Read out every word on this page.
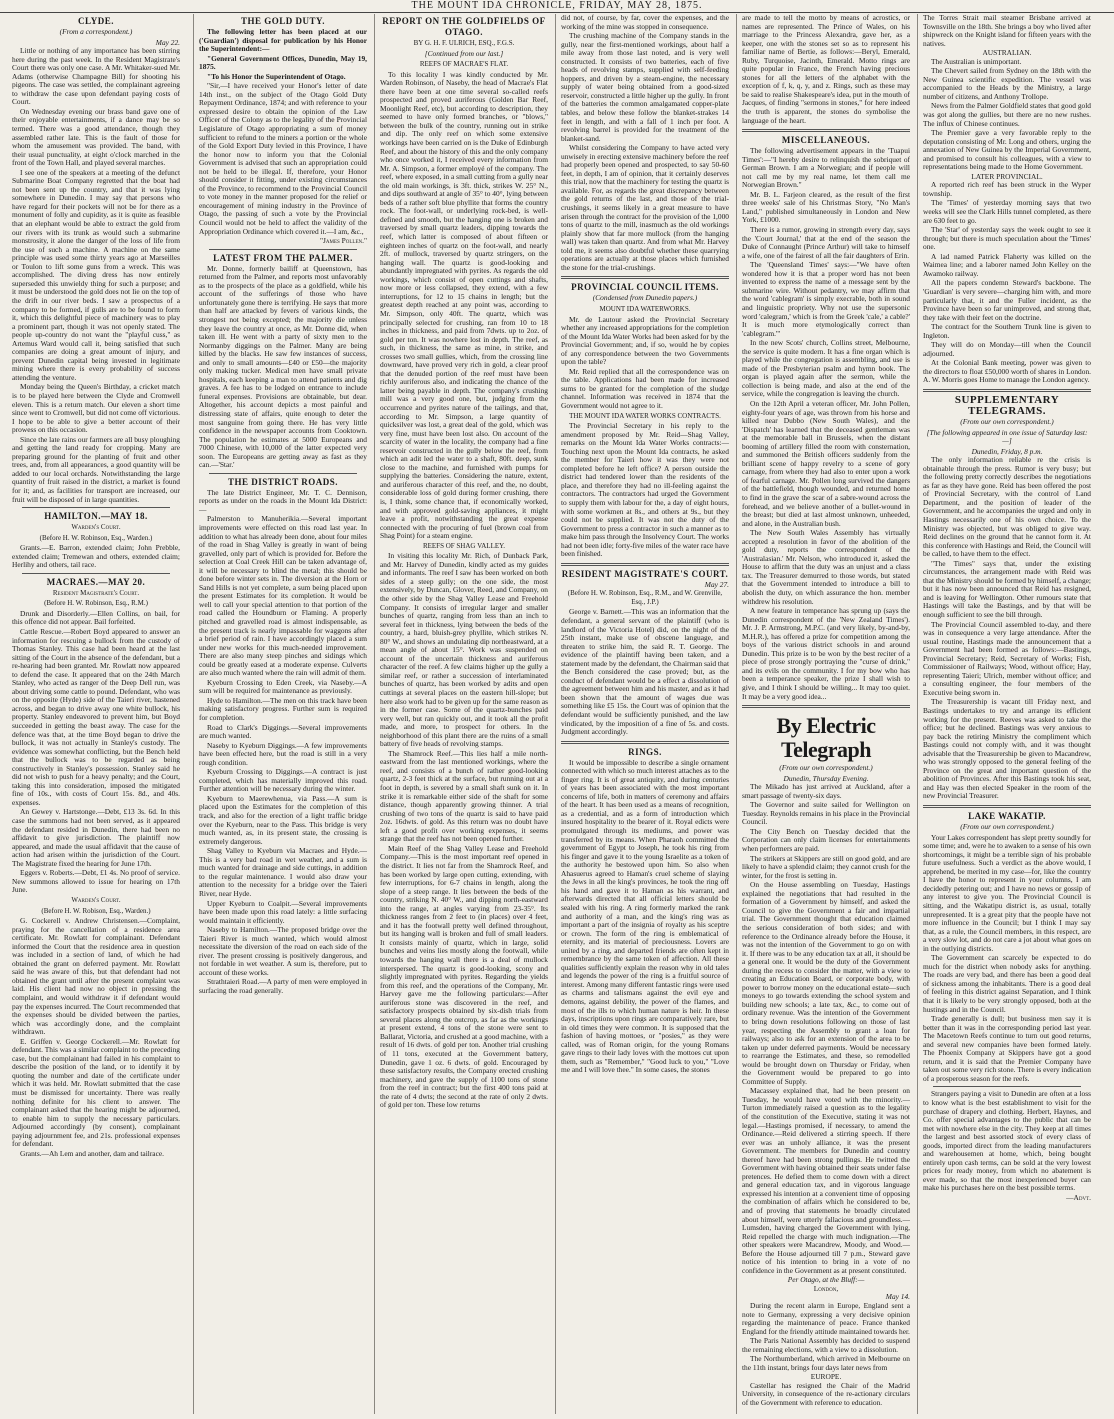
THE MOUNT IDA CHRONICLE, FRIDAY, MAY 28, 1875.
CLYDE.
(From a correspondent.)
May 22.

Little or nothing of any importance has been stirring here during the past week. In the Resident Magistrate's Court there was only one case. A Mr. Whitaker-sued Mr. Adams (otherwise Champagne Bill) for shooting his pigeons. The case was settled, the complainant agreeing to withdraw the case upon defendant paying costs of Court.

On Wednesday evening our brass band gave one of their enjoyable entertainments, if a dance may be so termed. There was a good attendance, though they assembled rather late. This is the fault of those for whom the amusement was provided. The band, with their usual punctuality, at eight o'clock marched in the front of the Town Hall, and played several marches.

I see one of the speakers at a meeting of the defunct Submarine Boat Company regretted that the boat had not been sent up the country, and that it was lying somewhere in Dunedin. I may say that persons who have regard for their pockets will not be for there as a monument of folly and cupidity, as it is quite as feasible that an elephant would be able to extract the gold from our rivers with its trunk as would such a submarine monstrosity, it alone the danger of the loss of life from the use of such a machine. A machine on the same principle was used some thirty years ago at Marseilles or Toulon to lift some guns from a wreck. This was accomplished. The diving dress has now entirely superseded this unwieldy thing for such a purpose; and it must be understood the gold does not lie on the top of the drift in our river beds. I saw a prospectus of a company to be formed, if gulls are to be found to form it, which this delightful piece of machinery was to play a prominent part, though it was not openly stated. The people up-country do not want the "playful cuss," as Artemus Ward would call it, being satisfied that such companies are doing a great amount of injury, and prevent Dunedin capital being invested in legitimate mining where there is every probability of success attending the venture.

Monday being the Queen's Birthday, a cricket match is to be played here between the Clyde and Cromwell eleven. This is a return match. Our eleven a short time since went to Cromwell, but did not come off victorious. I hope to be able to give a better account of their prowess on this occasion.

Since the late rains our farmers are all busy ploughing and getting the land ready for cropping. Many are preparing ground for the planting of fruit and other trees, and, from all appearances, a good quantity will be added to our local orchards. Notwithstanding the large quantity of fruit raised in the district, a market is found for it; and, as facilities for transport are increased, our fruit will be disposed of in large quantities.

HAMILTON.—MAY 18.
Warden's Court.
(Before H. W. Robinson, Esq., Warden.)

Grants.—E. Barron, extended claim; John Prebble, extended claim; Tremewan and others, extended claim; Herlihy and others, tail race.

MACRAES.—MAY 20.
Resident Magistrate's Court.
(Before H. W. Robinson, Esq., R.M.)

Drunk and Disorderly.—Ellen Collins, on bail, for this offence did not appear. Bail forfeited.

Cattle Rescue.—Robert Boyd appeared to answer an information for rescuing a bullock from the custody of Thomas Stanley. This case had been heard at the last sitting of the Court in the absence of the defendant, but a re-hearing had been granted. Mr. Rowlatt now appeared to defend the case. It appeared that on the 24th March Stanley, who acted as ranger of the Deep Dell run, was about driving some cattle to pound. Defendant, who was on the opposite (Hyde) side of the Taieri river, hastened across, and began to drive away one white bullock, his property. Stanley endeavored to prevent him, but Boyd succeeded in getting the beast away. The case for the defence was that, at the time Boyd began to drive the bullock, it was not actually in Stanley's custody. The evidence was somewhat conflicting, but the Bench held that the bullock was to be regarded as being constructively in Stanley's possession. Stanley said he did not wish to push for a heavy penalty; and the Court, taking this into consideration, imposed the mitigated fine of 10s., with costs of Court 15s. 8d., and 40s. expenses.

An Gewey v. Hartstonge.—Debt, £13 3s. 6d. In this case the summons had not been served, as it appeared the defendant resided in Dunedin, there had been no affidavit to give jurisdiction. The plaintiff now appeared, and made the usual affidavit that the cause of action had arisen within the jurisdiction of the Court. The Magistrate fixed the hearing for June 17th.

Eggers v. Roberts.—Debt, £1 4s. No proof of service. New summons allowed to issue for hearing on 17th June.

Warden's Court.
(Before H. W. Robison, Esq., Warden.)

G. Cockerell v. Andrew Christensen.—Complaint, praying for the cancellation of a residence area certificate. Mr. Rowlatt for complainant. Defendant informed the Court that the residence area in question was included in a section of land, of which he had obtained the grant on deferred payment. Mr. Rowlatt said he was aware of this, but that defendant had not obtained the grant until after the present complaint was laid. His client had now no object in pressing the complaint, and would withdraw it if defendant would pay the expenses incurred. The Court recommended that the expenses should be divided between the parties, which was accordingly done, and the complaint withdrawn.

E. Griffen v. George Cockerell.—Mr. Rowlatt for defendant. This was a similar complaint to the preceding case, but the complainant had failed in his complaint to describe the position of the land, or to identify it by quoting the number and date of the certificate under which it was held. Mr. Rowlatt submitted that the case must be dismissed for uncertainty. There was really nothing definite for his client to answer. The complainant asked that the hearing might be adjourned, to enable him to supply the necessary particulars. Adjourned accordingly (by consent), complainant paying adjournment fee, and 21s. professional expenses for defendant.

Grants.—Ah Lem and another, dam and tailrace.

THE GOLD DUTY.

The following letter has been placed at our ('Guardian') disposal for publication by his Honor the Superintendent:—

"General Government Offices, Dunedin, May 19, 1875.

"To his Honor the Superintendent of Otago.

"Sir,—I have received your Honor's letter of date 14th inst., on the subject of the Otago Gold Duty Repayment Ordinance, 1874; and with reference to your expressed desire to obtain the opinion of the Law Officer of the Colony as to the legality of the Provincial Legislature of Otago appropriating a sum of money sufficient to refund to the miners a portion or the whole of the Gold Export Duty levied in this Province, I have the honor now to inform you that the Colonial Government is advised that such an appropriation could not be held to be illegal. If, therefore, your Honor should consider it fitting, under existing circumstances of the Province, to recommend to the Provincial Council to vote money in the manner proposed for the relief or encouragement of mining industry in the Province of Otago, the passing of such a vote by the Provincial Council would not be held to affect the validity of the Appropriation Ordinance which covered it.—I am, &c.,

"James Pollen."
LATEST FROM THE PALMER.

Mr. Donne, formerly bailiff at Queenstown, has returned from the Palmer, and reports most unfavorably as to the prospects of the place as a goldfield, while his account of the sufferings of those who have unfortunately gone there is terrifying. He says that more than half are attacked by fevers of various kinds, the strongest not being excepted; the majority die unless they leave the country at once, as Mr. Donne did, when taken ill. He went with a party of sixty men to the Normanby diggings on the Palmer. Many are being killed by the blacks. He saw few instances of success, and only to small amounts—£40 or £50—the majority only making tucker. Medical men have small private hospitals, each keeping a man to attend patients and dig graves. A fee has to be lodged on entrance to include funeral expenses. Provisions are obtainable, but dear. Altogether, his account depicts a most painful and distressing state of affairs, quite enough to deter the most sanguine from going there. He has very little confidence in the newspaper accounts from Cooktown. The population he estimates at 5000 Europeans and 7000 Chinese, with 10,000 of the latter expected very soon. The Europeans are getting away as fast as they can.—'Star.'

THE DISTRICT ROADS.

The late District Engineer, Mr. T. C. Dennison, reports as under on the roads in the Mount Ida District:—

Palmerston to Manuherikia.—Several important improvements were effected on this road last year. In addition to what has already been done, about four miles of the road in Shag Valley is greatly in want of being gravelled, only part of which is provided for. Before the selection at Coal Creek Hill can be taken advantage of, it will be necessary to blind the metal; this should be done before winter sets in. The diversion at the Horn or Sand Hills is not yet complete, a sum being placed upon the present Estimates for its completion. It would be well to call your special attention to that portion of the road called the Houndburn or Flaming. A properly pitched and gravelled road is almost indispensable, as the present track is nearly impassable for waggons after a brief period of rain. I have accordingly placed a sum under new works for this much-needed improvement. There are also many steep pinches and sidings which could be greatly eased at a moderate expense. Culverts are also much wanted where the rain will admit of them.

Kyeburn Crossing to Eden Creek, via Naseby.—A sum will be required for maintenance as previously.

Hyde to Hamilton.—The men on this track have been making satisfactory progress. Further sum is required for completion.

Road to Clark's Diggings.—Several improvements are much wanted.

Naseby to Kyeburn Diggings.—A few improvements have been effected here, but the road is still in a very rough condition.

Kyeburn Crossing to Diggings.—A contract is just completed, which has materially improved this road. Further attention will be necessary during the winter.

Kyeburn to Maerewhenua, via Pass.—A sum is placed upon the Estimates for the completion of this track, and also for the erection of a light traffic bridge over the Kyeburn, near to the Pass. This bridge is very much wanted, as, in its present state, the crossing is extremely dangerous.

Shag Valley to Kyeburn via Macraes and Hyde.—This is a very bad road in wet weather, and a sum is much wanted for drainage and side cuttings, in addition to the regular maintenance. I would also draw your attention to the necessity for a bridge over the Taieri River, near Hyde.

Upper Kyeburn to Coalpit.—Several improvements have been made upon this road lately: a little surfacing would maintain it efficiently.

Naseby to Hamilton.—The proposed bridge over the Taieri River is much wanted, which would almost necessitate the diversion of the road on each side of the river. The present crossing is positively dangerous, and not fordable in wet weather. A sum is, therefore, put to account of these works.

Strathtaieri Road.—A party of men were employed in surfacing the road generally.

REPORT ON THE GOLDFIELDS OF OTAGO.
BY G. H. F. ULRICH, ESQ., F.G.S.
[Continued from our last.]
REEFS OF MACRAE'S FLAT.

To this locality I was kindly conducted by Mr. Warden Robinson, of Naseby, the head of Macrae's Flat there have been at one time several so-called reefs prospected and proved auriferous (Golden Bar Reef, Moonlight Reef, etc), but according to description, they seemed to have only formed branches, or "blows," between the bulk of the country, running out in strike and dip. The only reef on which some extensive workings have been carried on is the Duke of Edinburgh Reef, and about the history of this and the only company who once worked it, I received every information from Mr. A. Simpson, a former employé of the company. The reef, where exposed, in a small cutting from a gully near the old main workings, is 3ft. thick, strikes W. 25° N., and dips southward at angle of 35° to 40°, lying between beds of a rather soft blue phyllite that forms the country rock. The foot-wall, or underlying rock-bed, is well-defined and smooth, but the hanging one is broken and traversed by small quartz leaders, dipping towards the reef, which latter is composed of about fifteen or eighteen inches of quartz on the foot-wall, and nearly 2ft. of mullock, traversed by quartz stringers, on the hanging wall. The quartz is good-looking and abundantly impregnated with pyrites. As regards the old workings, which consist of open cuttings and shafts, now more or less collapsed, they extend, with a few interruptions, for 12 to 15 chains in length; but the greatest depth reached at any point was, according to Mr. Simpson, only 40ft. The quartz, which was principally selected for crushing, ran from 10 to 18 inches in thickness, and paid from 7dwts. up to 2oz. of gold per ton. It was nowhere lost in depth. The reef, as such, in thickness, the same as mine, in strike, and crosses two small gullies, which, from the crossing line downward, have proved very rich in gold, a clear proof that the denuded portion of the reef must have been richly auriferous also, and indicating the chance of the latter being payable in depth. The company's crushing mill was a very good one, but, judging from the occurrence and pyrites nature of the tailings, and that, according to Mr. Simpson, a large quantity of quicksilver was lost, a great deal of the gold, which was very fine, must have been lost also. On account of the scarcity of water in the locality, the company had a fine reservoir constructed in the gully below the reef, from which an adit led the water to a shaft, 80ft. deep, sunk close to the machine, and furnished with pumps for supplying the batteries. Considering the nature, extent, and auriferous character of this reef, and the, no doubt, considerable loss of gold during former crushing, there is, I think, some chance that, if economically worked, and with approved gold-saving appliances, it might leave a profit, notwithstanding the great expense connected with the procuring of fuel (brown coal from Shag Point) for a steam engine.

REEFS OF SHAG VALLEY.

In visiting this locality Mr. Rich, of Dunback Park, and Mr. Harvey of Dunedin, kindly acted as my guides and informants. The reef I saw has been worked on both sides of a steep gully; on the one side, the most extensively, by Duncan, Glover, Reed, and Company, on the other side by the Shag Valley Lease and Freehold Company. It consists of irregular larger and smaller bunches of quartz, ranging from less than an inch to several feet in thickness, lying between the beds of the country, a hard, bluish-grey phyllite, which strikes N. 80° W., and shows an undulating dip northeastward, at a mean angle of about 15°. Work was suspended on account of the uncertain thickness and auriferous character of the reef. A few claims higher up the gully a similar reef, or rather a succession of interlaminated bunches of quartz, has been worked by adits and open cuttings at several places on the eastern hill-slope; but here also work had to be given up for the same reason as in the former case. Some of the quartz-bunches paid very well, but ran quickly out, and it took all the profit made, and more, to prospect for others. In the neighborhood of this plant there are the ruins of a small battery of five heads of revolving stamps.

The Shamrock Reef.—This lies half a mile north-eastward from the last mentioned workings, where the reef, and consists of a bunch of rather good-looking quartz, 2-3 feet thick at the surface, but running out at a foot in depth, is severed by a small shaft sunk on it. In strike it is remarkable either side of the shaft for some distance, though apparently growing thinner. A trial crushing of two tons of the quartz is said to have paid 2oz. 16dwts. of gold. As this return was no doubt have left a good profit over working expenses, it seems strange that the reef has not been opened further.

Main Reef of the Shag Valley Lease and Freehold Company.—This is the most important reef opened in the district. It lies not far from the Shamrock Reef, and has been worked by large open cutting, extending, with few interruptions, for 6-7 chains in length, along the slope of a steep range. It lies between the beds of the country, striking N. 40° W., and dipping north-eastward into the range, at angles varying from 23-35°. Its thickness ranges from 2 feet to (in places) over 4 feet, and it has the footwall pretty well defined throughout, but its hanging wall is broken and full of small leaders. It consists mainly of quartz, which in large, solid bunches and veins lies mostly along the footwall, while towards the hanging wall there is a deal of mullock interspersed. The quartz is good-looking, scony and slightly impregnated with pyrites. Regarding the yields from this reef, and the operations of the Company, Mr. Harvey gave me the following particulars:—After auriferous stone was discovered in the reef, and satisfactory prospects obtained by six-dish trials from several places along the outcrop, as far as the workings at present extend, 4 tons of the stone were sent to Ballarat, Victoria, and crushed at a good machine, with a result of 16 dwts. of gold per ton. Another trial crushing of 11 tons, executed at the Government battery, Dunedin, gave 1 oz. 6 dwts. of gold. Encouraged by these satisfactory results, the Company erected crushing machinery, and gave the supply of 1100 tons of stone from the reef in contract; but the first 400 tons paid at the rate of 4 dwts; the second at the rate of only 2 dwts. of gold per ton. These low returns

did not, of course, by far, cover the expenses, and the working of the mine was stopped in consequence.

The crushing machine of the Company stands in the gully, near the first-mentioned workings, about half a mile away from those last noted, and is very well constructed. It consists of two batteries, each of five heads of revolving stamps, supplied with self-feeding hoppers, and driven by a steam-engine, the necessary supply of water being obtained from a good-sized reservoir, constructed a little higher up the gully. In front of the batteries the common amalgamated copper-plate tables, and below these follow the blanket-strakes 14 feet in length, and with a fall of 1 inch per foot. A revolving barrel is provided for the treatment of the blanket-sand.

Whilst considering the Company to have acted very unwisely in erecting extensive machinery before the reef had properly been opened and prospected, to say 50-60 feet, in depth, I am of opinion, that it certainly deserves this trial, now that the machinery for testing the quartz is available. For, as regards the great discrepancy between the gold returns of the last, and those of the trial-crushings, it seems likely in a great measure to have arisen through the contract for the provision of the 1,000 tons of quartz to the mill, inasmuch as the old workings plainly show that far more mullock (from the hanging wall) was taken than quartz. And from what Mr. Harvey told me, it seems also doubtful whether these quarrying operations are actually at those places which furnished the stone for the trial-crushings.

PROVINCIAL COUNCIL ITEMS.
(Condensed from Dunedin papers.)
MOUNT IDA WATERWORKS.

Mr. de Lautour asked the Provincial Secretary whether any increased appropriations for the completion of the Mount Ida Water Works had been asked for by the Provincial Government; and, if so, would he by copies of any correspondence between the two Governments upon the table?

Mr. Reid replied that all the correspondence was on the table. Applications had been made for increased sums to be granted for the completion of the sludge channel. Information was received in 1874 that the Government would not agree to it.

THE MOUNT IDA WATER WORKS CONTRACTS.

The Provincial Secretary in his reply to the amendment proposed by Mr. Reid—Shag Valley, remarks on the Mount Ida Water Works contracts:—Touching next upon the Mount Ida contracts, he asked the member for Taieri how it was they were not completed before he left office? A person outside the district had tendered lower than the residents of the place, and therefore they had no ill-feeling against the contractors. The contractors had urged the Government to supply them with labour for the, a day of eight hours, with some workmen at 8s., and others at 9s., but they could not be supplied. It was not the duty of the Government to press a contractor in such a manner as to make him pass through the Insolvency Court. The works had not been idle; forty-five miles of the water race have been finished.

RESIDENT MAGISTRATE'S COURT.
May 27.
(Before H. W. Robinson, Esq., R.M., and W. Grenville, Esq., J.P.)

George v. Barnett.—This was an information that the defendant, a general servant of the plaintiff (who is landlord of the Victoria Hotel) did, on the night of the 25th instant, make use of obscene language, and threaten to strike him, the said R. T. George. The evidence of the plaintiff having been taken, and a statement made by the defendant, the Chairman said that the Bench considered the case proved; but, as the conduct of defendant would be a effect a dissolution of the agreement between him and his master, and as it had been shown that the amount of wages due was something like £5 15s. the Court was of opinion that the defendant would be sufficiently punished, and the law vindicated, by the imposition of a fine of 5s. and costs. Judgment accordingly.

RINGS.

It would be impossible to describe a single ornament connected with which so much interest attaches as to the finger ring. It is of great antiquity, and during centuries of years has been associated with the most important concerns of life, both in matters of ceremony and affairs of the heart. It has been used as a means of recognition, as a credential, and as a form of introduction which insured hospitality to the bearer of it. Royal edicts were promulgated through its mediums, and power was transferred by its means. When Pharaoh committed the government of Egypt to Joseph, he took his ring from his finger and gave it to the young Israelite as a token of the authority he bestowed upon him. So also when Ahasuerus agreed to Haman's cruel scheme of slaying the Jews in all the king's provinces, he took the ring off his hand and gave it to Haman as his warrant, and afterwards directed that all official letters should be sealed with his ring. A ring formerly marked the rank and authority of a man, and the king's ring was as important a part of the insignia of royalty as his sceptre or crown. The form of the ring is emblematical of eternity, and its material of preciousness. Lovers are united by a ring, and departed friends are often kept in remembrance by the same token of affection. All these qualities sufficiently explain the reason why in old tales and legends the power of the ring is a fruitful source of interest. Among many different fantastic rings were used as charms and talismans against the evil eye and demons, against debility, the power of the flames, and most of the ills to which human nature is heir. In these days, inscriptions upon rings are comparatively rare, but in old times they were common. It is supposed that the fashion of having mottoes, or "posies," as they were called, was of Roman origin, for the young Romans gave rings to their lady loves with the mottoes cut upon them, such as "Remember," "Good luck to you," "Love me and I will love thee." In some cases, the stones

are made to tell the motto by means of acrostics, or names are represented. The Prince of Wales, on his marriage to the Princess Alexandra, gave her, as a keeper, one with the stones set so as to represent his familiar name of Bertie, as follows:—Beryl, Emerald, Ruby, Turquoise, Jacinth, Emerald. Motto rings are quite popular in France, the French having precious stones for all the letters of the alphabet with the exception of f, k, q, y, and z. Rings, such as these may be said to realise Shakespeare's idea, put in the mouth of Jacques, of finding "sermons in stones," for here indeed the truth is apparent, the stones do symbolise the language of the heart.

MISCELLANEOUS.

The following advertisement appears in the 'Tuapui Times':—"I hereby desire to relinquish the sobriquet of German Brown. I am a Norwegian; and if people will not call me by my real name, let them call me Norwegian Brown."

Mr. B. L. Farjeon cleared, as the result of the first three weeks' sale of his Christmas Story, "No Man's Land," published simultaneously in London and New York, £1000.

There is a rumor, growing in strength every day, says the 'Court Journal,' that at the end of the season the Duke of Connaught (Prince Arthur) will take to himself a wife, one of the fairest of all the fair daughters of Erin.

The 'Queensland Times' says:—"We have often wondered how it is that a proper word has not been invented to express the name of a message sent by the submarine wire. Without pedantry, we may affirm that the word 'cablegram' is simply execrable, both in sound and linguistic propriety. Why not use the supersonic word 'calegram,' which is from the Greek 'cale,' a cable?' It is much more etymologically correct than 'cablegram.'"

In the new Scots' church, Collins street, Melbourne, the service is quite modern. It has a fine organ which is played while the congregation is assembling, and use is made of the Presbyterian psalm and hymn book. The organ is played again after the sermon, while the collection is being made, and also at the end of the service, while the congregation is leaving the church.

On the 12th April a veteran officer, Mr. John Pollen, eighty-four years of age, was thrown from his horse and killed near Dubbo (New South Wales), and the 'Dispatch' has learned that the deceased gentleman was at the memorable ball in Brussels, when the distant booming of artillery filled the room with consternation, and summoned the British officers suddenly from the brilliant scene of happy revelry to a scene of gory carnage, from where they had also to enter upon a work of fearful carnage. Mr. Pollen long survived the dangers of the battlefield, though wounded, and returned home to find in the grave the scar of a sabre-wound across the forehead, and we believe another of a bullet-wound in the breast; but died at last almost unknown, unheeded, and alone, in the Australian bush.

The New South Wales Assembly has virtually accepted a resolution in favor of the abolition of the gold duty, reports the correspondent of the 'Australasian.' Mr. Nelson, who introduced it, asked the House to affirm that the duty was an unjust and a class tax. The Treasurer demurred to those words, but stated that the Government intended to introduce a bill to abolish the duty, on which assurance the hon. member withdrew his resolution.

A new feature in temperance has sprung up (says the Dunedin correspondent of the 'New Zealand Times'). Mr. J. P. Armstrong, M.P.C. (and very likely, by-and-by, M.H.R.), has offered a prize for competition among the boys of the various district schools in and around Dunedin. This prize is to be won by the best reciter of a piece of prose strongly portraying the "curse of drink," and its evils on the community. I for my bow who has been a temperance speaker, the prize I shall wish to give, and I think I should be willing... It may too quiet. It may be a very good idea...

By Electric Telegraph
(From our own correspondent.)
Dunedin, Thursday Evening.

The Mikado has just arrived at Auckland, after a smart passage of twenty-six days.

The Governor and suite sailed for Wellington on Tuesday. Reynolds remains in his place in the Provincial Council.

The City Bench on Tuesday decided that the Corporation can only claim licenses for entertainments when performers are paid.

The strikers at Skippers are still on good gold, and are likely to have a splendid claim; they cannot crush for the winter, for the frost is setting in.

On the House assembling on Tuesday, Hastings explained the negotiations that had resulted in the formation of a Government by himself, and asked the Council to give the Government a fair and impartial trial. The Government thought that education claimed the serious consideration of both sides; and with reference to the Ordinance already before the House, it was not the intention of the Government to go on with it. If there was to be any education tax at all, it should be a general one. It would be the duty of the Government during the recess to consider the matter, with a view to creating an Education Board, or corporate body, with power to borrow money on the educational estate—such moneys to go towards extending the school system and building new schools; a late tax, &c., to come out of ordinary revenue. Was the intention of the Government to bring down resolutions following on those of last year, respecting the Assembly to grant a loan for railways; also to ask for an extension of the area to be taken up under deferred payments. Would be necessary to rearrange the Estimates, and these, so remodelled would be brought down on Thursday or Friday, when the Government would be prepared to go into Committee of Supply.

Macassey explained that, had he been present on Tuesday, he would have voted with the minority.—Turton immediately raised a question as to the legality of the constitution of the Executive, stating it was not legal.—Hastings promised, if necessary, to amend the Ordinance.—Reid delivered a stirring speech. If there ever was an unholy alliance, it was the present Government. The members for Dunedin and country thereof have had been strong pullings. He twitted the Government with having obtained their seats under false pretences. He defied them to come down with a direct and general education tax, and in vigorous language expressed his intention at a convenient time of opposing the combination of affairs which he considered to be, and of proving that statements he broadly circulated about himself, were utterly fallacious and groundless.—Lumsden, having charged the Government with lying, Reid repelled the charge with much indignation.—The other speakers were Macandrew, Moody, and Wood.—Before the House adjourned till 7 p.m., Steward gave notice of his intention to bring in a vote of no confidence in the Government as at present constituted.

Per Otago, at the Bluff:—
London,
May 14.

During the recent alarm in Europe, England sent a note to Germany, expressing a very decisive opinion regarding the maintenance of peace. France thanked England for the friendly attitude maintained towards her.

The Paris National Assembly has decided to suspend the remaining elections, with a view to a dissolution.

The Northumberland, which arrived in Melbourne on the 11th instant, brings four days later news from

EUROPE.

Castellar has resigned the Chair of the Madrid University, in consequence of the re-actionary circulars of the Government with reference to education.

The Torres Strait mail steamer Brisbane arrived at Townsville on the 18th. She brings a boy who lived after shipwreck on the Knight island for fifteen years with the natives.

AUSTRALIAN.

The Australian is unimportant.

The Chevert sailed from Sydney on the 18th with the New Guinea scientific expedition. The vessel was accompanied to the Heads by the Ministry, a large number of citizens, and Anthony Trollope.

News from the Palmer Goldfield states that good gold was got along the gullies, but there are no new rushes. The influx of Chinese continues.

The Premier gave a very favorable reply to the deputation consisting of Mr. Long and others, urging the annexation of New Guinea by the Imperial Government, and promised to consult his colleagues, with a view to representations being made to the Home Government.

LATER PROVINCIAL.

A reported rich reef has been struck in the Wyper township.

The 'Times' of yesterday morning says that two weeks will see the Clark Hills tunnel completed, as there are 630 feet to go.

The 'Star' of yesterday says the week ought to see it through; but there is much speculation about the 'Times' one.

A lad named Patrick Flaherty was killed on the Waimea line; and a laborer named John Kelley on the Awamoko railway.

All the papers condemn Steward's backbone. The 'Guardian' is very severe—charging him with, and more particularly that, it and the Fuller incident, as the Province have been so far unimproved, and strong that, they take with their feet on the doctrine.

The contract for the Southern Trunk line is given to Ingleton.

They will do on Monday—till when the Council adjourned.

At the Colonial Bank meeting, power was given to the directors to float £50,000 worth of shares in London. A. W. Morris goes Home to manage the London agency.

SUPPLEMENTARY TELEGRAMS.
(From our own correspondent.)
[The following appeared in one issue of Saturday last:—]
Dunedin, Friday, 8 p.m.

The only information reliable re the crisis is obtainable through the press. Rumor is very busy; but the following pretty correctly describes the negotiations as far as they have gone. Reid has been offered the post of Provincial Secretary, with the control of Land Department, and the position of leader of the Government, and he accompanies the urged and only in Hastings necessarily one of his own choice. To the Ministry was objected, but was obliged to give way. Reid declines on the ground that he cannot form it. At this conference with Hastings and Reid, the Council will be called, to have them to the effect.

"The Times" says that, under the existing circumstances, the arrangement made with Reid was that the Ministry should be formed by himself, a change; but it has now been announced that Reid has resigned, and is leaving for Wellington. Other rumours state that Hastings will take the Bastings, and by that will be enough sufficient to see the bill through.

The Provincial Council assembled to-day, and there was in consequence a very large attendance. After the usual routine, Hastings made the announcement that a Government had been formed as follows:—Bastings, Provincial Secretary; Reid, Secretary of Works; Fish, Commissioner of Railways; Wood, without office; Hay, representing Taieri; Ulrich, member without office; and a consulting engineer, the four members of the Executive being sworn in.

The Treasurership is vacant till Friday next, and Bastings undertakes to try and arrange its efficient working for the present. Reeves was asked to take the office; but he declined. Bastings was very anxious to pay back the retiring Ministry the compliment which Bastings could not comply with, and it was thought advisable that the Treasurership be given to Macandrew, who was strongly opposed to the general feeling of the Province on the great and important question of the abolition of Provinces. After this Bastings took his seat, and Hay was then elected Speaker in the room of the new Provincial Treasurer.

LAKE WAKATIP.
(From our own correspondent.)

Your Lakes correspondent has slept pretty soundly for some time; and, were he to awaken to a sense of his own shortcomings, it might be a terrible sign of his probable future usefulness. Such a verdict as the above would, I apprehend, be merited in my case—for, like the country I have the honor to represent in your columns, I am decidedly petering out; and I have no news or gossip of any interest to give you. The Provincial Council is sitting, and the Wakatipu district is, as usual, totally unrepresented. It is a great pity that the people have not more influence in the Council; but I think I may say that, as a rule, the Council members, in this respect, are a very slow lot, and do not care a jot about what goes on in the outlying districts.

The Government can scarcely be expected to do much for the district when nobody asks for anything. The roads are very bad, and there has been a good deal of sickness among the inhabitants. There is a good deal of feeling in this district against Separation, and I think that it is likely to be very strongly opposed, both at the hustings and in the Council.

Trade generally is dull; but business men say it is better than it was in the corresponding period last year. The Macetown Reefs continue to turn out good returns, and several new companies have been formed lately. The Phoenix Company at Skippers have got a good return, and it is said that the Premier Company have taken out some very rich stone. There is every indication of a prosperous season for the reefs.

Strangers paying a visit to Dunedin are often at a loss to know what is the best establishment to visit for the purchase of drapery and clothing. Herbert, Haynes, and Co. offer special advantages to the public that can be met with nowhere else in the city. They keep at all times the largest and best assorted stock of every class of goods, imported direct from the leading manufacturers and warehousemen at home, which, being bought entirely upon cash terms, can be sold at the very lowest prices for ready money, from which no abatement is ever made, so that the most inexperienced buyer can make his purchases here on the best possible terms.

—Advt.
